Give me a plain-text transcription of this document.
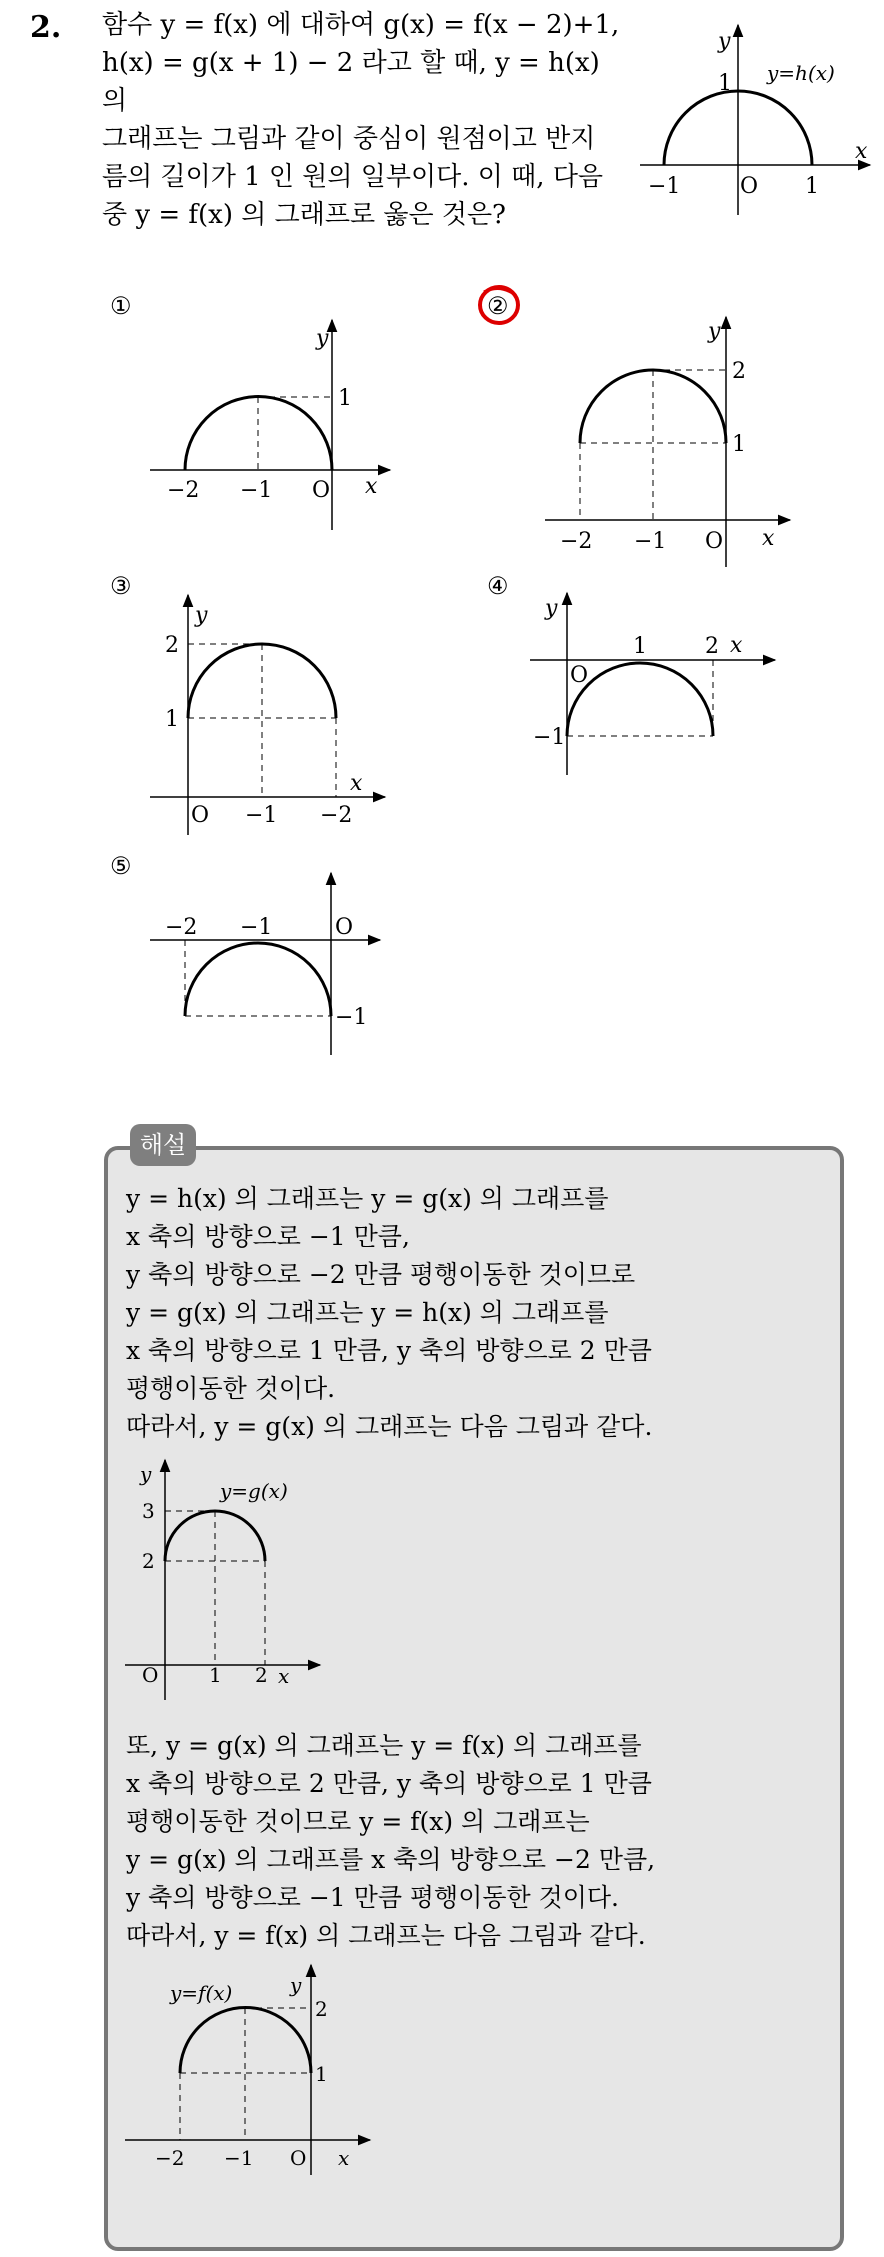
2. 함수 y = f(x) 에 대하여 g(x) = f(x − 2)+1,
h(x) = g(x + 1) − 2 라고 할 때, y = h(x) 의
그래프는 그림과 같이 중심이 원점이고 반지
름의 길이가 1 인 원의 일부이다. 이 때, 다음
중 y = f(x) 의 그래프로 옳은 것은?
y
x
y=h(x)
−1	O 1
1
①
y
x
−2 −1 O
1
②
y
x
−2 −1 O
1
2
③
y
x
O −1 −2
1
2
④
y
x
O
1	2
−1
⑤
−2 −1	O
−1
해설
y = h(x) 의 그래프는 y = g(x) 의 그래프를
x 축의 방향으로 −1 만큼,
y 축의 방향으로 −2 만큼 평행이동한 것이므로
y = g(x) 의 그래프는 y = h(x) 의 그래프를
x 축의 방향으로 1 만큼, y 축의 방향으로 2 만큼
평행이동한 것이다.
따라서, y = g(x) 의 그래프는 다음 그림과 같다.
y
x
y=g(x)
3
2
O	1 2
또, y = g(x) 의 그래프는 y = f(x) 의 그래프를
x 축의 방향으로 2 만큼, y 축의 방향으로 1 만큼
평행이동한 것이므로 y = f(x) 의 그래프는
y = g(x) 의 그래프를 x 축의 방향으로 −2 만큼,
y 축의 방향으로 −1 만큼 평행이동한 것이다.
따라서, y = f(x) 의 그래프는 다음 그림과 같다.
y
x
y=f(x)
2
1
−2 −1 O
